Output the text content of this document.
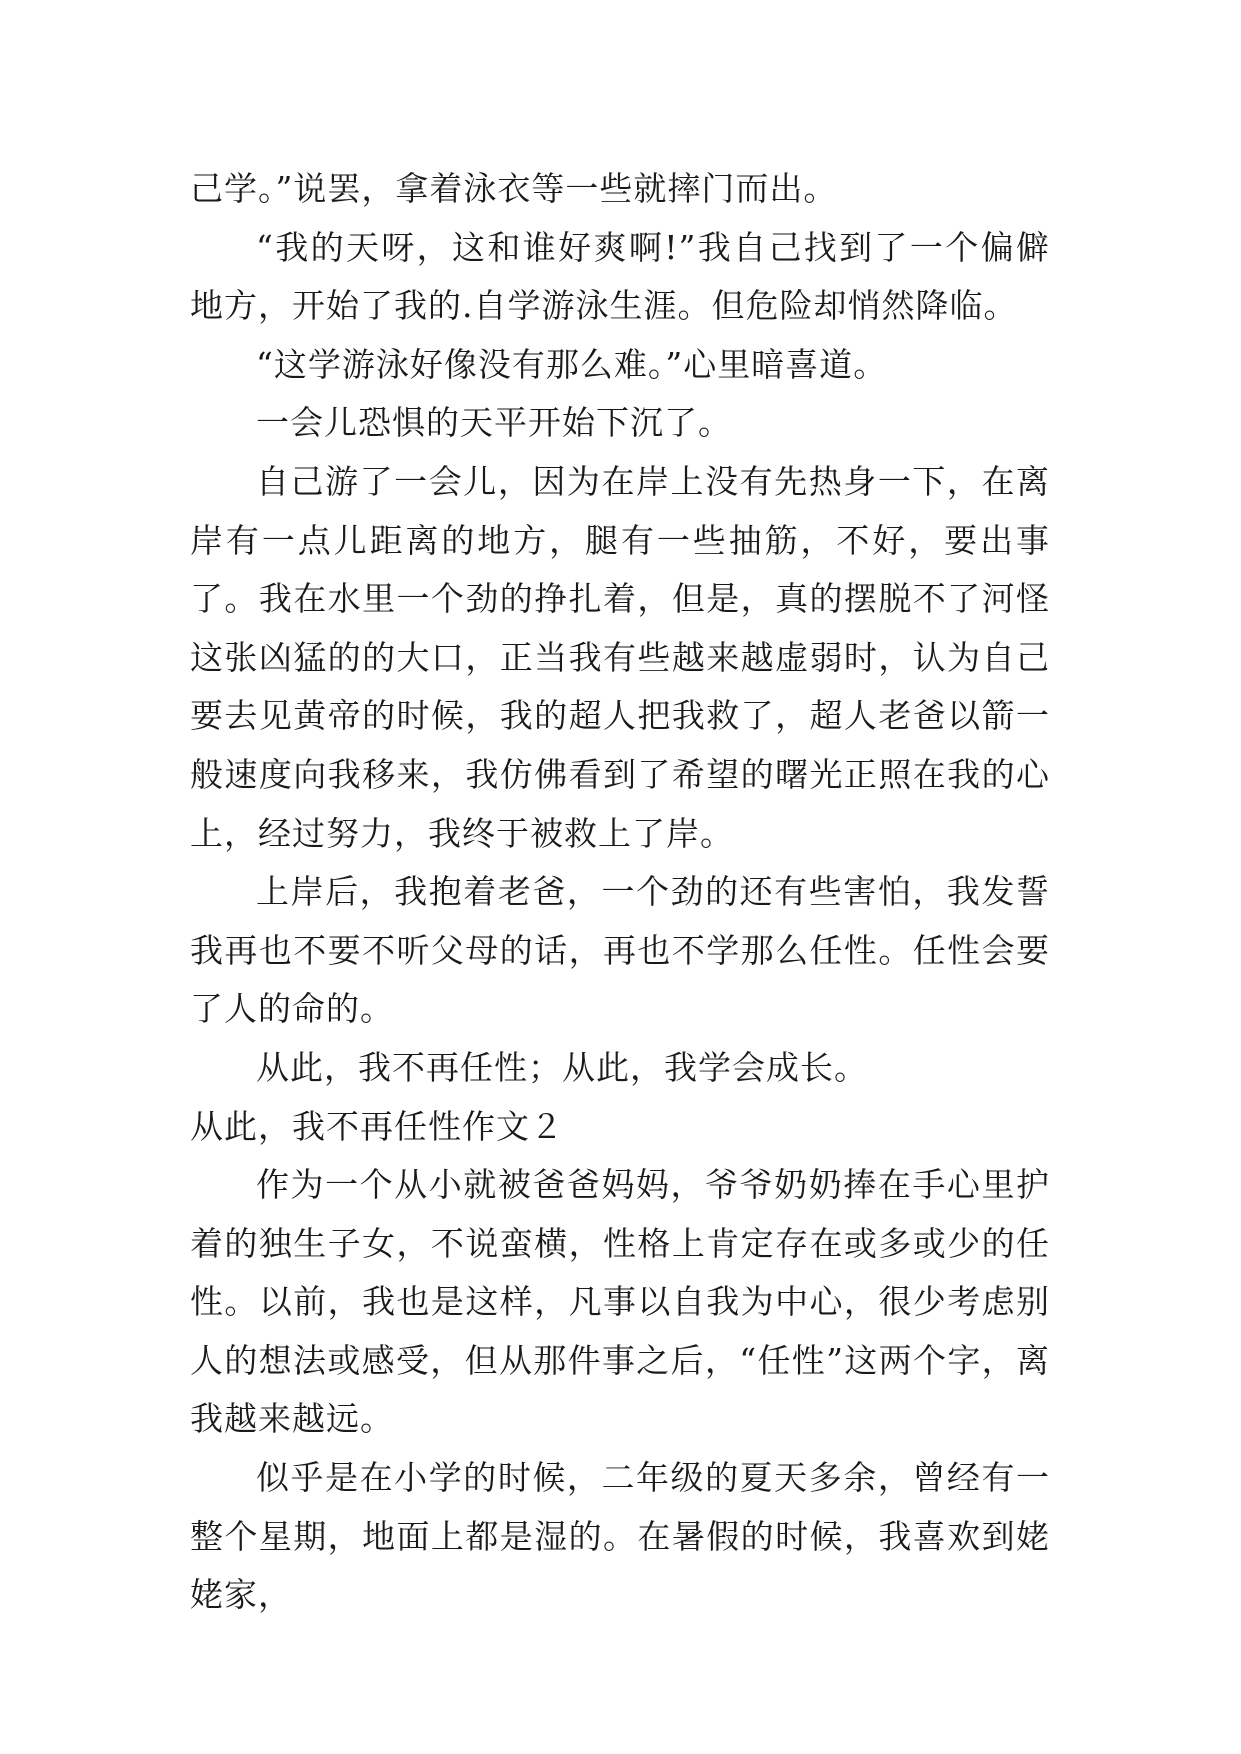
己学。”说罢，拿着泳衣等一些就摔门而出。

“我的天呀，这和谁好爽啊!”我自己找到了一个偏僻地方，开始了我的.自学游泳生涯。但危险却悄然降临。

“这学游泳好像没有那么难。”心里暗喜道。

一会儿恐惧的天平开始下沉了。

自己游了一会儿，因为在岸上没有先热身一下，在离岸有一点儿距离的地方，腿有一些抽筋，不好，要出事了。我在水里一个劲的挣扎着，但是，真的摆脱不了河怪这张凶猛的的大口，正当我有些越来越虚弱时，认为自己要去见黄帝的时候，我的超人把我救了，超人老爸以箭一般速度向我移来，我仿佛看到了希望的曙光正照在我的心上，经过努力，我终于被救上了岸。

上岸后，我抱着老爸，一个劲的还有些害怕，我发誓我再也不要不听父母的话，再也不学那么任性。任性会要了人的命的。

从此，我不再任性；从此，我学会成长。

从此，我不再任性作文２

作为一个从小就被爸爸妈妈，爷爷奶奶捧在手心里护着的独生子女，不说蛮横，性格上肯定存在或多或少的任性。以前，我也是这样，凡事以自我为中心，很少考虑别人的想法或感受，但从那件事之后，“任性”这两个字，离我越来越远。

似乎是在小学的时候，二年级的夏天多余，曾经有一整个星期，地面上都是湿的。在暑假的时候，我喜欢到姥姥家，
